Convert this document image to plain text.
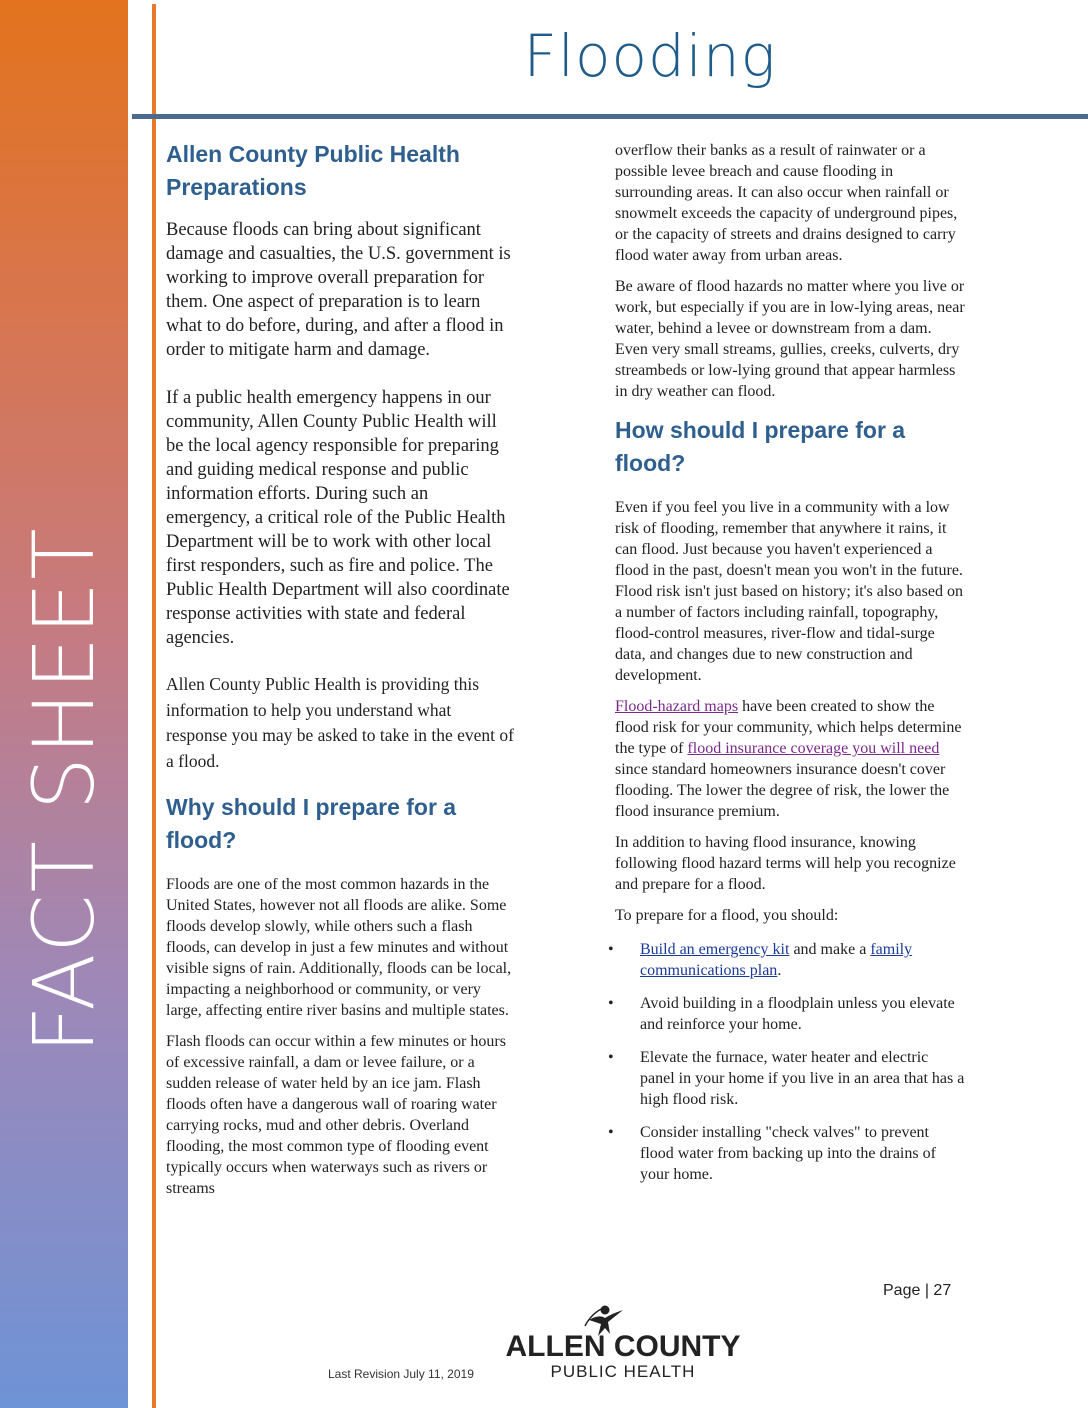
FACT SHEET
Flooding
Allen County Public Health Preparations

Because floods can bring about significant damage and casualties, the U.S. government is working to improve overall preparation for them. One aspect of preparation is to learn what to do before, during, and after a flood in order to mitigate harm and damage.

If a public health emergency happens in our community, Allen County Public Health will be the local agency responsible for preparing and guiding medical response and public information efforts. During such an emergency, a critical role of the Public Health Department will be to work with other local first responders, such as fire and police. The Public Health Department will also coordinate response activities with state and federal agencies.

Allen County Public Health is providing this information to help you understand what response you may be asked to take in the event of a flood.

Why should I prepare for a flood?

Floods are one of the most common hazards in the United States, however not all floods are alike. Some floods develop slowly, while others such a flash floods, can develop in just a few minutes and without visible signs of rain. Additionally, floods can be local, impacting a neighborhood or community, or very large, affecting entire river basins and multiple states.

Flash floods can occur within a few minutes or hours of excessive rainfall, a dam or levee failure, or a sudden release of water held by an ice jam. Flash floods often have a dangerous wall of roaring water carrying rocks, mud and other debris. Overland flooding, the most common type of flooding event typically occurs when waterways such as rivers or streams

overflow their banks as a result of rainwater or a possible levee breach and cause flooding in surrounding areas. It can also occur when rainfall or snowmelt exceeds the capacity of underground pipes, or the capacity of streets and drains designed to carry flood water away from urban areas.

Be aware of flood hazards no matter where you live or work, but especially if you are in low-lying areas, near water, behind a levee or downstream from a dam. Even very small streams, gullies, creeks, culverts, dry streambeds or low-lying ground that appear harmless in dry weather can flood.

How should I prepare for a flood?

Even if you feel you live in a community with a low risk of flooding, remember that anywhere it rains, it can flood. Just because you haven't experienced a flood in the past, doesn't mean you won't in the future. Flood risk isn't just based on history; it's also based on a number of factors including rainfall, topography, flood-control measures, river-flow and tidal-surge data, and changes due to new construction and development.

Flood-hazard maps have been created to show the flood risk for your community, which helps determine the type of flood insurance coverage you will need since standard homeowners insurance doesn't cover flooding. The lower the degree of risk, the lower the flood insurance premium.

In addition to having flood insurance, knowing following flood hazard terms will help you recognize and prepare for a flood.

To prepare for a flood, you should:

• Build an emergency kit and make a family communications plan.
• Avoid building in a floodplain unless you elevate and reinforce your home.
• Elevate the furnace, water heater and electric panel in your home if you live in an area that has a high flood risk.
• Consider installing "check valves" to prevent flood water from backing up into the drains of your home.
Page | 27
Last Revision July 11, 2019
ALLEN COUNTY
PUBLIC HEALTH
